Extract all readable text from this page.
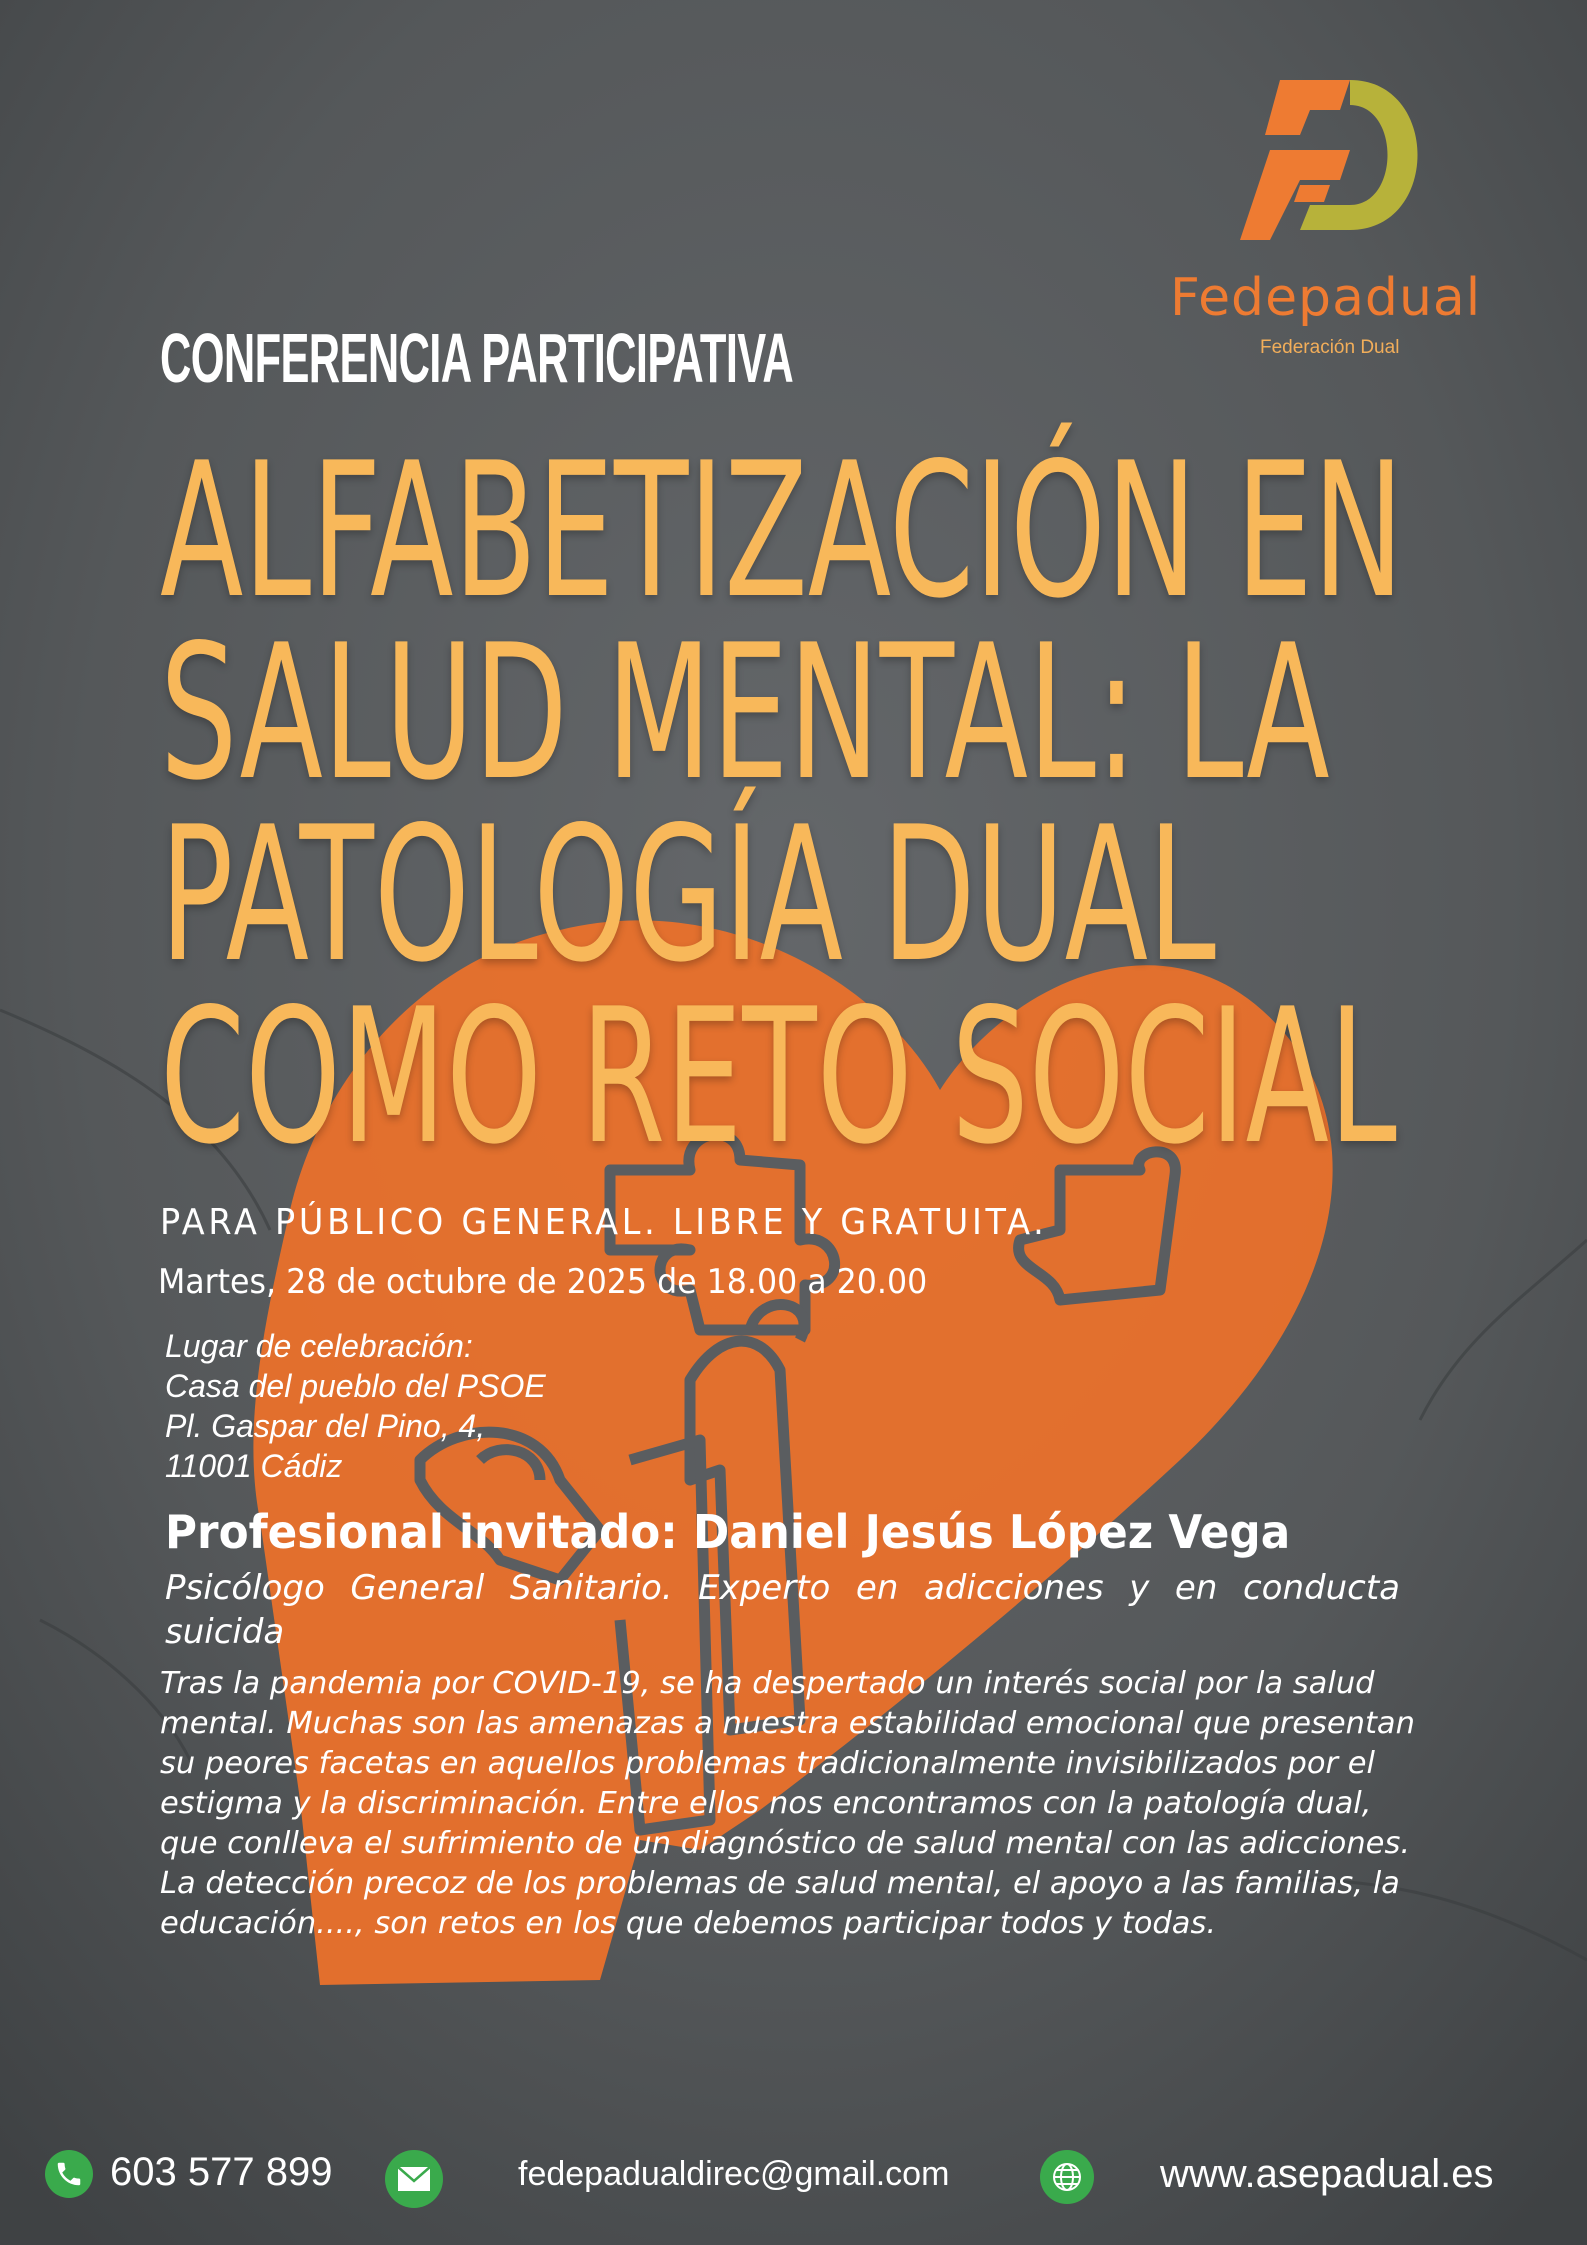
Fedepadual
Federación Dual
CONFERENCIA PARTICIPATIVA
ALFABETIZACIÓN EN
SALUD MENTAL: LA
PATOLOGÍA DUAL
COMO RETO SOCIAL
PARA PÚBLICO GENERAL. LIBRE Y GRATUITA.
Martes, 28 de octubre de 2025 de 18.00 a 20.00
Lugar de celebración:
Casa del pueblo del PSOE
Pl. Gaspar del Pino, 4,
11001 Cádiz
Profesional invitado: Daniel Jesús López Vega
Psicólogo General Sanitario. Experto en adicciones y en conducta suicida
Tras la pandemia por COVID-19, se ha despertado un interés social por la salud mental. Muchas son las amenazas a nuestra estabilidad emocional que presentan su peores facetas en aquellos problemas tradicionalmente invisibilizados por el estigma y la discriminación. Entre ellos nos encontramos con la patología dual, que conlleva el sufrimiento de un diagnóstico de salud mental con las adicciones. La detección precoz de los problemas de salud mental, el apoyo a las familias, la educación...., son retos en los que debemos participar todos y todas.
603 577 899	fedepadualdirec@gmail.com	www.asepadual.es
